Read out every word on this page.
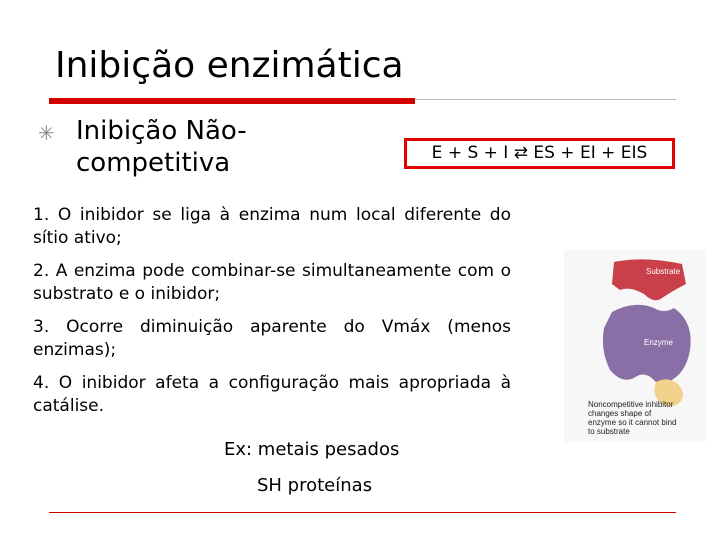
Inibição enzimática
✳ Inibição Não-competitiva	E + S + I ⇄ ES + EI + EIS
1. O inibidor se liga à enzima num local diferente do sítio ativo;
2. A enzima pode combinar-se simultaneamente com o substrato e o inibidor;
3. Ocorre diminuição aparente do Vmáx (menos enzimas);
4. O inibidor afeta a configuração mais apropriada à catálise.
Ex: metais pesados
SH proteínas
Substrate
Enzyme
Noncompetitive inhibitor changes shape of enzyme so it cannot bind to substrate
